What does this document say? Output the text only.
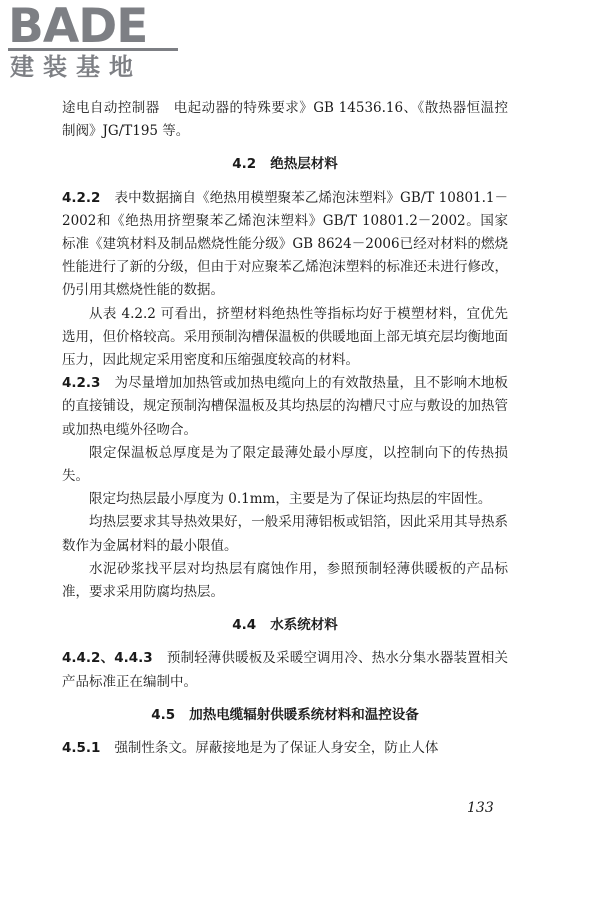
BADE
建装基地

途电自动控制器　电起动器的特殊要求》GB 14536.16、《散热器恒温控制阀》JG/T195 等。

4.2 绝热层材料

4.2.2 表中数据摘自《绝热用模塑聚苯乙烯泡沫塑料》GB/T 10801.1－2002和《绝热用挤塑聚苯乙烯泡沫塑料》GB/T 10801.2－2002。国家标准《建筑材料及制品燃烧性能分级》GB 8624－2006已经对材料的燃烧性能进行了新的分级，但由于对应聚苯乙烯泡沫塑料的标准还未进行修改，仍引用其燃烧性能的数据。

从表 4.2.2 可看出，挤塑材料绝热性等指标均好于模塑材料，宜优先选用，但价格较高。采用预制沟槽保温板的供暖地面上部无填充层均衡地面压力，因此规定采用密度和压缩强度较高的材料。

4.2.3 为尽量增加加热管或加热电缆向上的有效散热量，且不影响木地板的直接铺设，规定预制沟槽保温板及其均热层的沟槽尺寸应与敷设的加热管或加热电缆外径吻合。

限定保温板总厚度是为了限定最薄处最小厚度，以控制向下的传热损失。

限定均热层最小厚度为 0.1mm，主要是为了保证均热层的牢固性。

均热层要求其导热效果好，一般采用薄铝板或铝箔，因此采用其导热系数作为金属材料的最小限值。

水泥砂浆找平层对均热层有腐蚀作用，参照预制轻薄供暖板的产品标准，要求采用防腐均热层。

4.4 水系统材料

4.4.2、4.4.3 预制轻薄供暖板及采暖空调用冷、热水分集水器装置相关产品标准正在编制中。

4.5 加热电缆辐射供暖系统材料和温控设备

4.5.1 强制性条文。屏蔽接地是为了保证人身安全，防止人体

133
